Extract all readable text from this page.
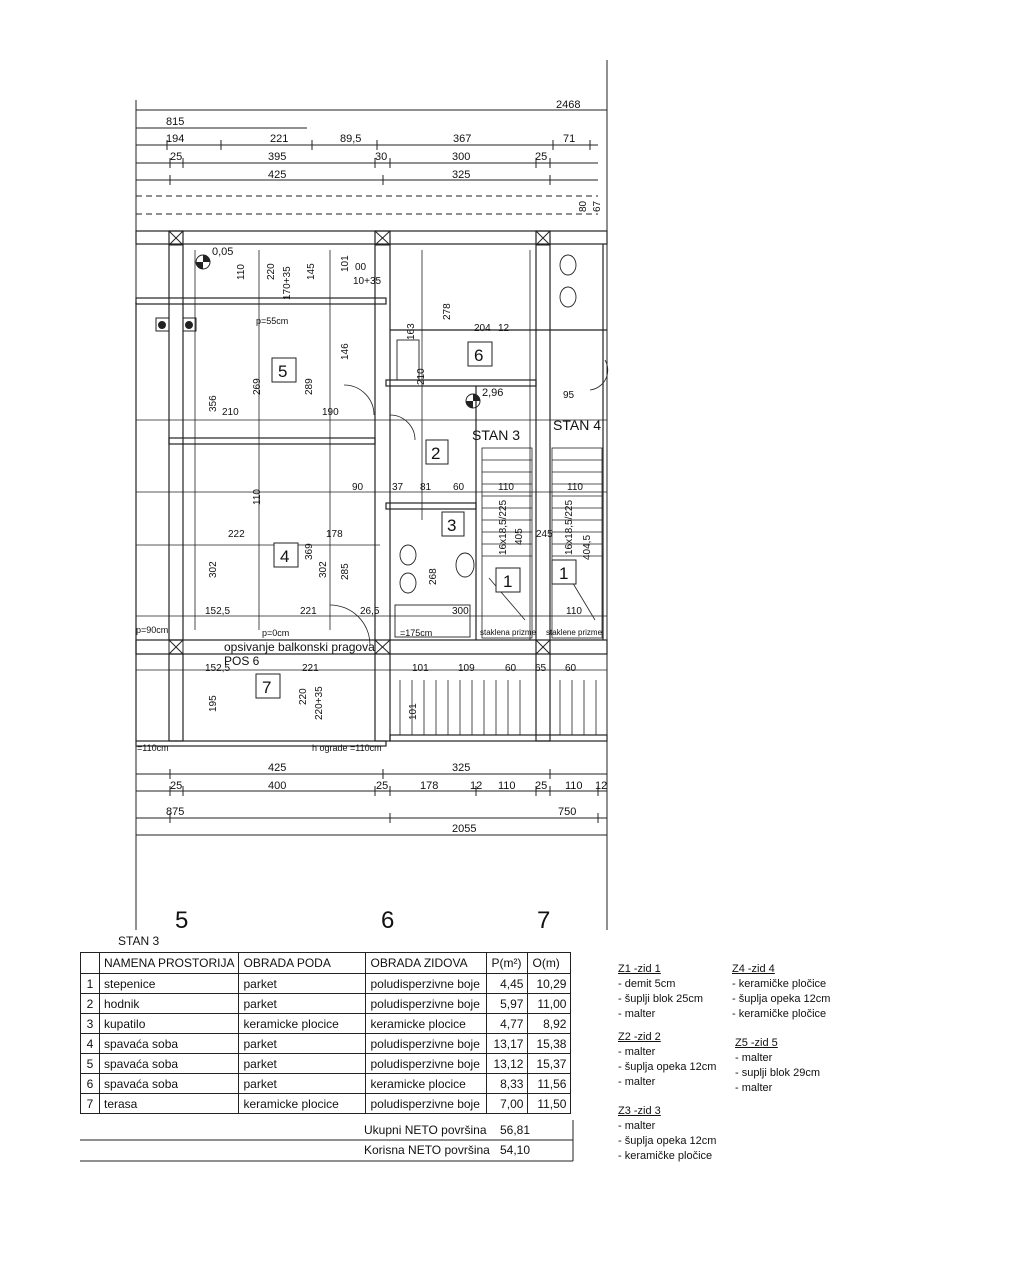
2468
815
194	221	89,5	367	71
25	395	30	300	25
425	325
0,05
2,96
5
6
2
3
4
7
1	1
STAN 3
STAN 4
opsivanje balkonski pragova
POS 6
p=90cm	p=0cm
p=55cm
=175cm
=110cm	h ograde =110cm
staklena prizme staklene prizme
210	190
222	178
152,5	221	26,5
152,5	221
204
95
110	110
300	110
109	60 65 60
101
245
90	37 81 60
12
356
269	289
146
302	302 285
369
195	220 220+35
110 220 170+35 145 101 00
10+35
278
16x18,5/225	16x18,5/225
405	404,5
268
163
210
110
101
80 67
425	325
25	400	25	178	12 110 25 110 12
875	750
2055
5	6	7
STAN 3
	NAMENA PROSTORIJA	OBRADA PODA	OBRADA ZIDOVA	P(m²)	O(m)
1	stepenice	parket	poludisperzivne boje	4,45	10,29
2	hodnik	parket	poludisperzivne boje	5,97	11,00
3	kupatilo	keramicke plocice	keramicke plocice	4,77	8,92
4	spavaća soba	parket	poludisperzivne boje	13,17	15,38
5	spavaća soba	parket	poludisperzivne boje	13,12	15,37
6	spavaća soba	parket	keramicke plocice	8,33	11,56
7	terasa	keramicke plocice	poludisperzivne boje	7,00	11,50
Ukupni NETO površina 56,81
Korisna NETO površina 54,10
Z1 -zid 1
- demit 5cm
- šuplji blok 25cm
- malter
Z2 -zid 2
- malter
- šuplja opeka 12cm
- malter
Z3 -zid 3
- malter
- šuplja opeka 12cm
- keramičke pločice
Z4 -zid 4
- keramičke pločice
- šuplja opeka 12cm
- keramičke pločice
Z5 -zid 5
- malter
- suplji blok 29cm
- malter
